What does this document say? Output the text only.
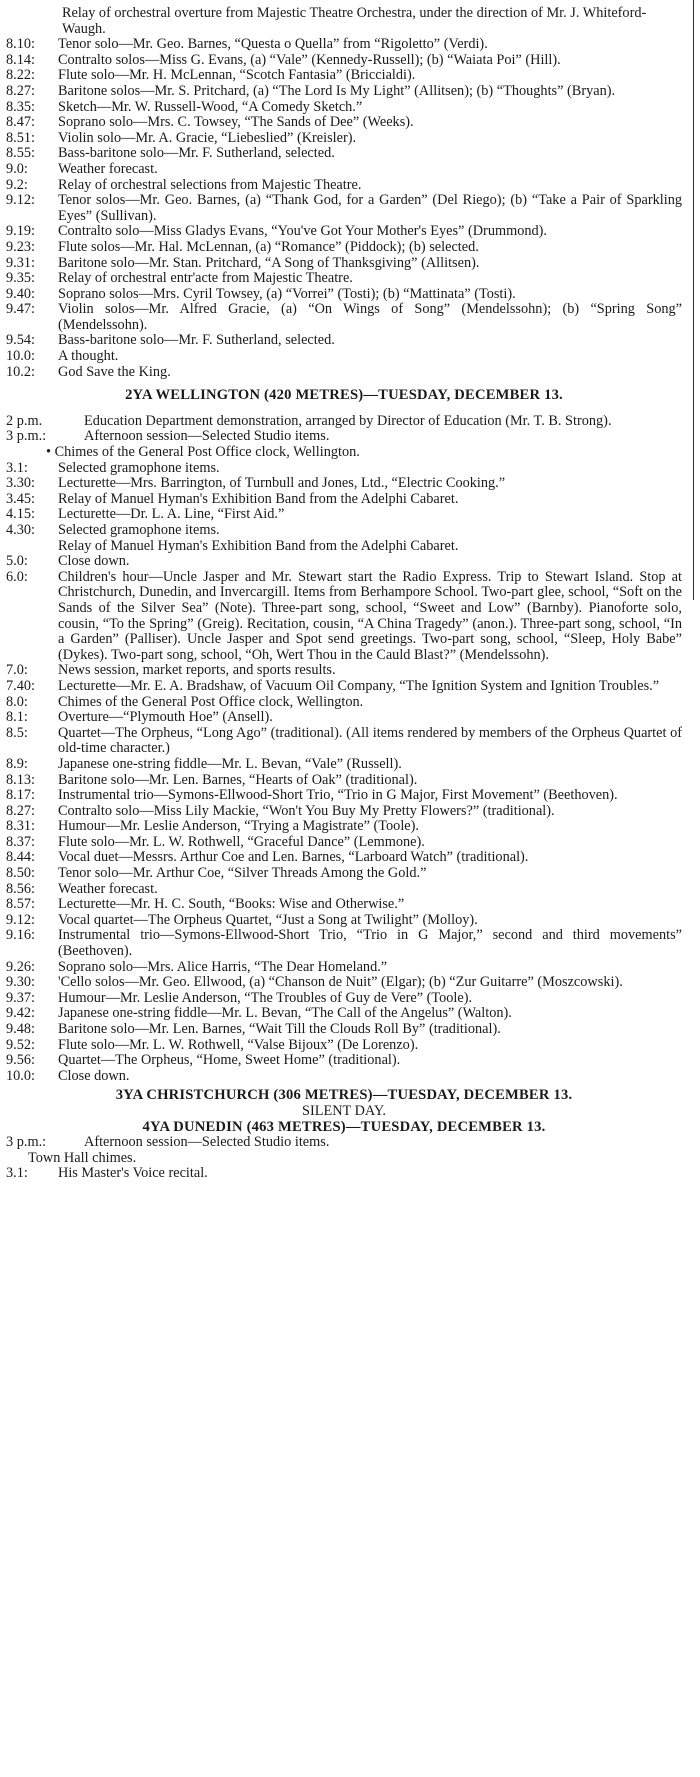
Relay of orchestral overture from Majestic Theatre Orchestra, under the direction of Mr. J. Whiteford-Waugh.
8.10:	Tenor solo—Mr. Geo. Barnes, “Questa o Quella” from “Rigoletto” (Verdi).
8.14:	Contralto solos—Miss G. Evans, (a) “Vale” (Kennedy-Russell); (b) “Waiata Poi” (Hill).
8.22:	Flute solo—Mr. H. McLennan, “Scotch Fantasia” (Briccialdi).
8.27:	Baritone solos—Mr. S. Pritchard, (a) “The Lord Is My Light” (Allitsen); (b) “Thoughts” (Bryan).
8.35:	Sketch—Mr. W. Russell-Wood, “A Comedy Sketch.”
8.47:	Soprano solo—Mrs. C. Towsey, “The Sands of Dee” (Weeks).
8.51:	Violin solo—Mr. A. Gracie, “Liebeslied” (Kreisler).
8.55:	Bass-baritone solo—Mr. F. Sutherland, selected.
9.0:	Weather forecast.
9.2:	Relay of orchestral selections from Majestic Theatre.
9.12:	Tenor solos—Mr. Geo. Barnes, (a) “Thank God, for a Garden” (Del Riego); (b) “Take a Pair of Sparkling Eyes” (Sullivan).
9.19:	Contralto solo—Miss Gladys Evans, “You've Got Your Mother's Eyes” (Drummond).
9.23:	Flute solos—Mr. Hal. McLennan, (a) “Romance” (Piddock); (b) selected.
9.31:	Baritone solo—Mr. Stan. Pritchard, “A Song of Thanksgiving” (Allitsen).
9.35:	Relay of orchestral entr'acte from Majestic Theatre.
9.40:	Soprano solos—Mrs. Cyril Towsey, (a) “Vorrei” (Tosti); (b) “Mattinata” (Tosti).
9.47:	Violin solos—Mr. Alfred Gracie, (a) “On Wings of Song” (Mendelssohn); (b) “Spring Song” (Mendelssohn).
9.54:	Bass-baritone solo—Mr. F. Sutherland, selected.
10.0:	A thought.
10.2:	God Save the King.
2YA WELLINGTON (420 METRES)—TUESDAY, DECEMBER 13.
2 p.m.	Education Department demonstration, arranged by Director of Education (Mr. T. B. Strong).
3 p.m.:	Afternoon session—Selected Studio items.
• Chimes of the General Post Office clock, Wellington.
3.1:	Selected gramophone items.
3.30:	Lecturette—Mrs. Barrington, of Turnbull and Jones, Ltd., “Electric Cooking.”
3.45:	Relay of Manuel Hyman's Exhibition Band from the Adelphi Cabaret.
4.15:	Lecturette—Dr. L. A. Line, “First Aid.”
4.30:	Selected gramophone items.
Relay of Manuel Hyman's Exhibition Band from the Adelphi Cabaret.
5.0:	Close down.
6.0:	Children's hour—Uncle Jasper and Mr. Stewart start the Radio Express. Trip to Stewart Island. Stop at Christchurch, Dunedin, and Invercargill. Items from Berhampore School. Two-part glee, school, “Soft on the Sands of the Silver Sea” (Note). Three-part song, school, “Sweet and Low” (Barnby). Pianoforte solo, cousin, “To the Spring” (Greig). Recitation, cousin, “A China Tragedy” (anon.). Three-part song, school, “In a Garden” (Palliser). Uncle Jasper and Spot send greetings. Two-part song, school, “Sleep, Holy Babe” (Dykes). Two-part song, school, “Oh, Wert Thou in the Cauld Blast?” (Mendelssohn).
7.0:	News session, market reports, and sports results.
7.40:	Lecturette—Mr. E. A. Bradshaw, of Vacuum Oil Company, “The Ignition System and Ignition Troubles.”
8.0:	Chimes of the General Post Office clock, Wellington.
8.1:	Overture—“Plymouth Hoe” (Ansell).
8.5:	Quartet—The Orpheus, “Long Ago” (traditional). (All items rendered by members of the Orpheus Quartet of old-time character.)
8.9:	Japanese one-string fiddle—Mr. L. Bevan, “Vale” (Russell).
8.13:	Baritone solo—Mr. Len. Barnes, “Hearts of Oak” (traditional).
8.17:	Instrumental trio—Symons-Ellwood-Short Trio, “Trio in G Major, First Movement” (Beethoven).
8.27:	Contralto solo—Miss Lily Mackie, “Won't You Buy My Pretty Flowers?” (traditional).
8.31:	Humour—Mr. Leslie Anderson, “Trying a Magistrate” (Toole).
8.37:	Flute solo—Mr. L. W. Rothwell, “Graceful Dance” (Lemmone).
8.44:	Vocal duet—Messrs. Arthur Coe and Len. Barnes, “Larboard Watch” (traditional).
8.50:	Tenor solo—Mr. Arthur Coe, “Silver Threads Among the Gold.”
8.56:	Weather forecast.
8.57:	Lecturette—Mr. H. C. South, “Books: Wise and Otherwise.”
9.12:	Vocal quartet—The Orpheus Quartet, “Just a Song at Twilight” (Molloy).
9.16:	Instrumental trio—Symons-Ellwood-Short Trio, “Trio in G Major,” second and third movements” (Beethoven).
9.26:	Soprano solo—Mrs. Alice Harris, “The Dear Homeland.”
9.30:	'Cello solos—Mr. Geo. Ellwood, (a) “Chanson de Nuit” (Elgar); (b) “Zur Guitarre” (Moszcowski).
9.37:	Humour—Mr. Leslie Anderson, “The Troubles of Guy de Vere” (Toole).
9.42:	Japanese one-string fiddle—Mr. L. Bevan, “The Call of the Angelus” (Walton).
9.48:	Baritone solo—Mr. Len. Barnes, “Wait Till the Clouds Roll By” (traditional).
9.52:	Flute solo—Mr. L. W. Rothwell, “Valse Bijoux” (De Lorenzo).
9.56:	Quartet—The Orpheus, “Home, Sweet Home” (traditional).
10.0:	Close down.
3YA CHRISTCHURCH (306 METRES)—TUESDAY, DECEMBER 13.
SILENT DAY.
4YA DUNEDIN (463 METRES)—TUESDAY, DECEMBER 13.
3 p.m.:	Afternoon session—Selected Studio items.
Town Hall chimes.
3.1:	His Master's Voice recital.
